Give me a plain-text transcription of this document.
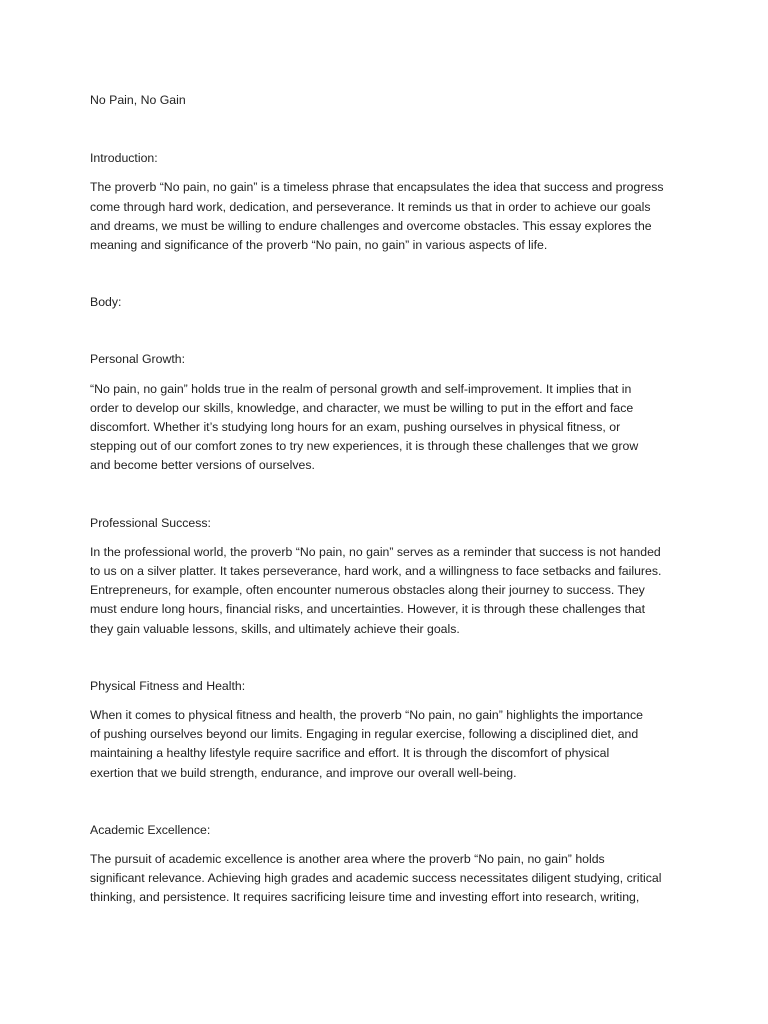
No Pain, No Gain
Introduction:
The proverb “No pain, no gain” is a timeless phrase that encapsulates the idea that success and progress
come through hard work, dedication, and perseverance. It reminds us that in order to achieve our goals
and dreams, we must be willing to endure challenges and overcome obstacles. This essay explores the
meaning and significance of the proverb “No pain, no gain” in various aspects of life.
Body:
Personal Growth:
“No pain, no gain” holds true in the realm of personal growth and self-improvement. It implies that in
order to develop our skills, knowledge, and character, we must be willing to put in the effort and face
discomfort. Whether it’s studying long hours for an exam, pushing ourselves in physical fitness, or
stepping out of our comfort zones to try new experiences, it is through these challenges that we grow
and become better versions of ourselves.
Professional Success:
In the professional world, the proverb “No pain, no gain” serves as a reminder that success is not handed
to us on a silver platter. It takes perseverance, hard work, and a willingness to face setbacks and failures.
Entrepreneurs, for example, often encounter numerous obstacles along their journey to success. They
must endure long hours, financial risks, and uncertainties. However, it is through these challenges that
they gain valuable lessons, skills, and ultimately achieve their goals.
Physical Fitness and Health:
When it comes to physical fitness and health, the proverb “No pain, no gain” highlights the importance
of pushing ourselves beyond our limits. Engaging in regular exercise, following a disciplined diet, and
maintaining a healthy lifestyle require sacrifice and effort. It is through the discomfort of physical
exertion that we build strength, endurance, and improve our overall well-being.
Academic Excellence:
The pursuit of academic excellence is another area where the proverb “No pain, no gain” holds
significant relevance. Achieving high grades and academic success necessitates diligent studying, critical
thinking, and persistence. It requires sacrificing leisure time and investing effort into research, writing,
